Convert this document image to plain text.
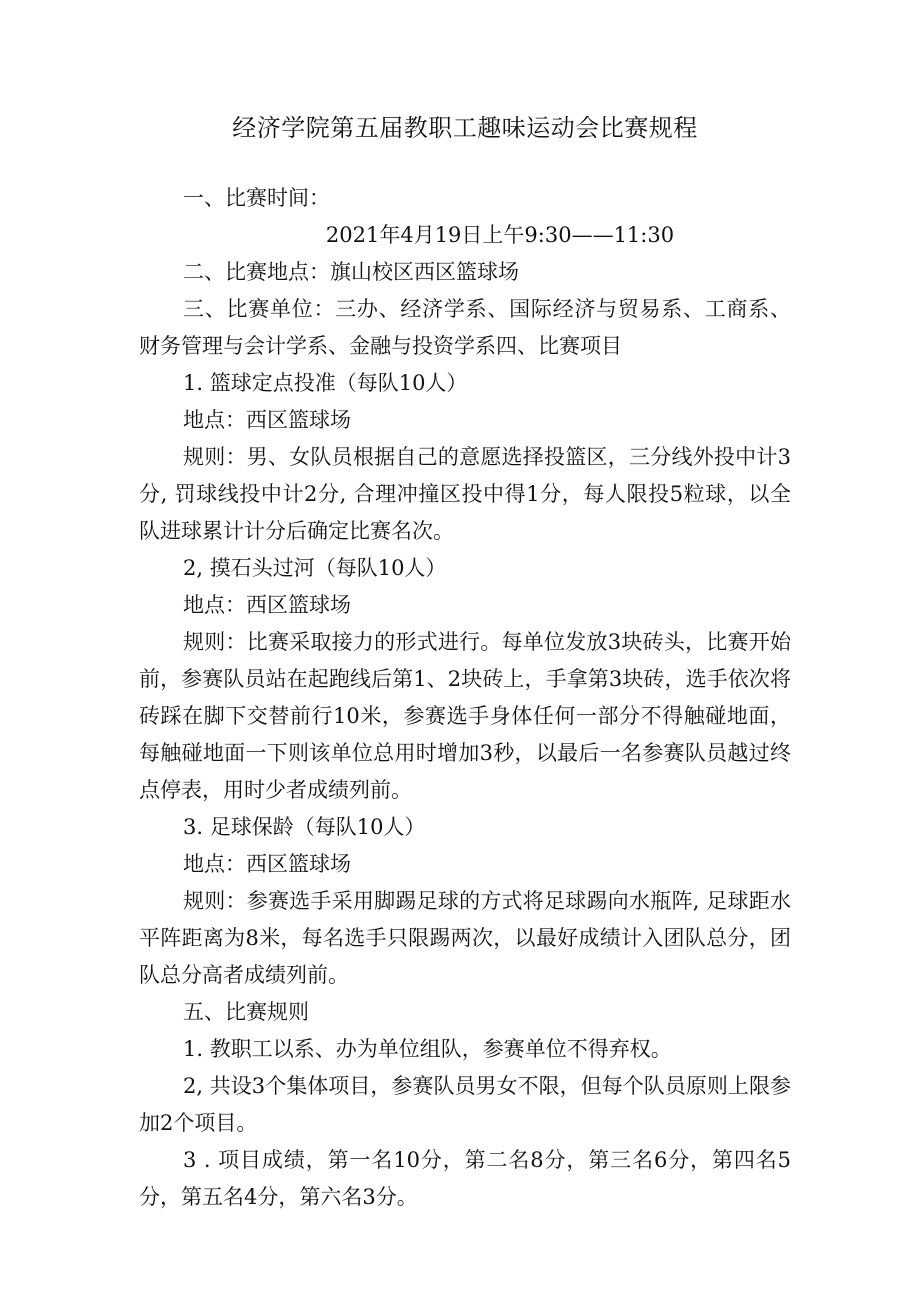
经济学院第五届教职工趣味运动会比赛规程

一、比赛时间：

2021年4月19日上午9:30——11:30

二、比赛地点：旗山校区西区篮球场

三、比赛单位：三办、经济学系、国际经济与贸易系、工商系、财务管理与会计学系、金融与投资学系四、比赛项目

1. 篮球定点投准（每队10人）

地点：西区篮球场

规则：男、女队员根据自己的意愿选择投篮区，三分线外投中计3分, 罚球线投中计2分, 合理冲撞区投中得1分，每人限投5粒球，以全队进球累计计分后确定比赛名次。

2, 摸石头过河（每队10人）

地点：西区篮球场

规则：比赛采取接力的形式进行。每单位发放3块砖头，比赛开始前，参赛队员站在起跑线后第1、2块砖上，手拿第3块砖，选手依次将砖踩在脚下交替前行10米，参赛选手身体任何一部分不得触碰地面，每触碰地面一下则该单位总用时增加3秒，以最后一名参赛队员越过终点停表，用时少者成绩列前。

3. 足球保龄（每队10人）

地点：西区篮球场

规则：参赛选手采用脚踢足球的方式将足球踢向水瓶阵, 足球距水平阵距离为8米，每名选手只限踢两次，以最好成绩计入团队总分，团队总分高者成绩列前。

五、比赛规则

1. 教职工以系、办为单位组队，参赛单位不得弃权。

2, 共设3个集体项目，参赛队员男女不限，但每个队员原则上限参加2个项目。

3 . 项目成绩，第一名10分，第二名8分，第三名6分，第四名5分，第五名4分，第六名3分。
